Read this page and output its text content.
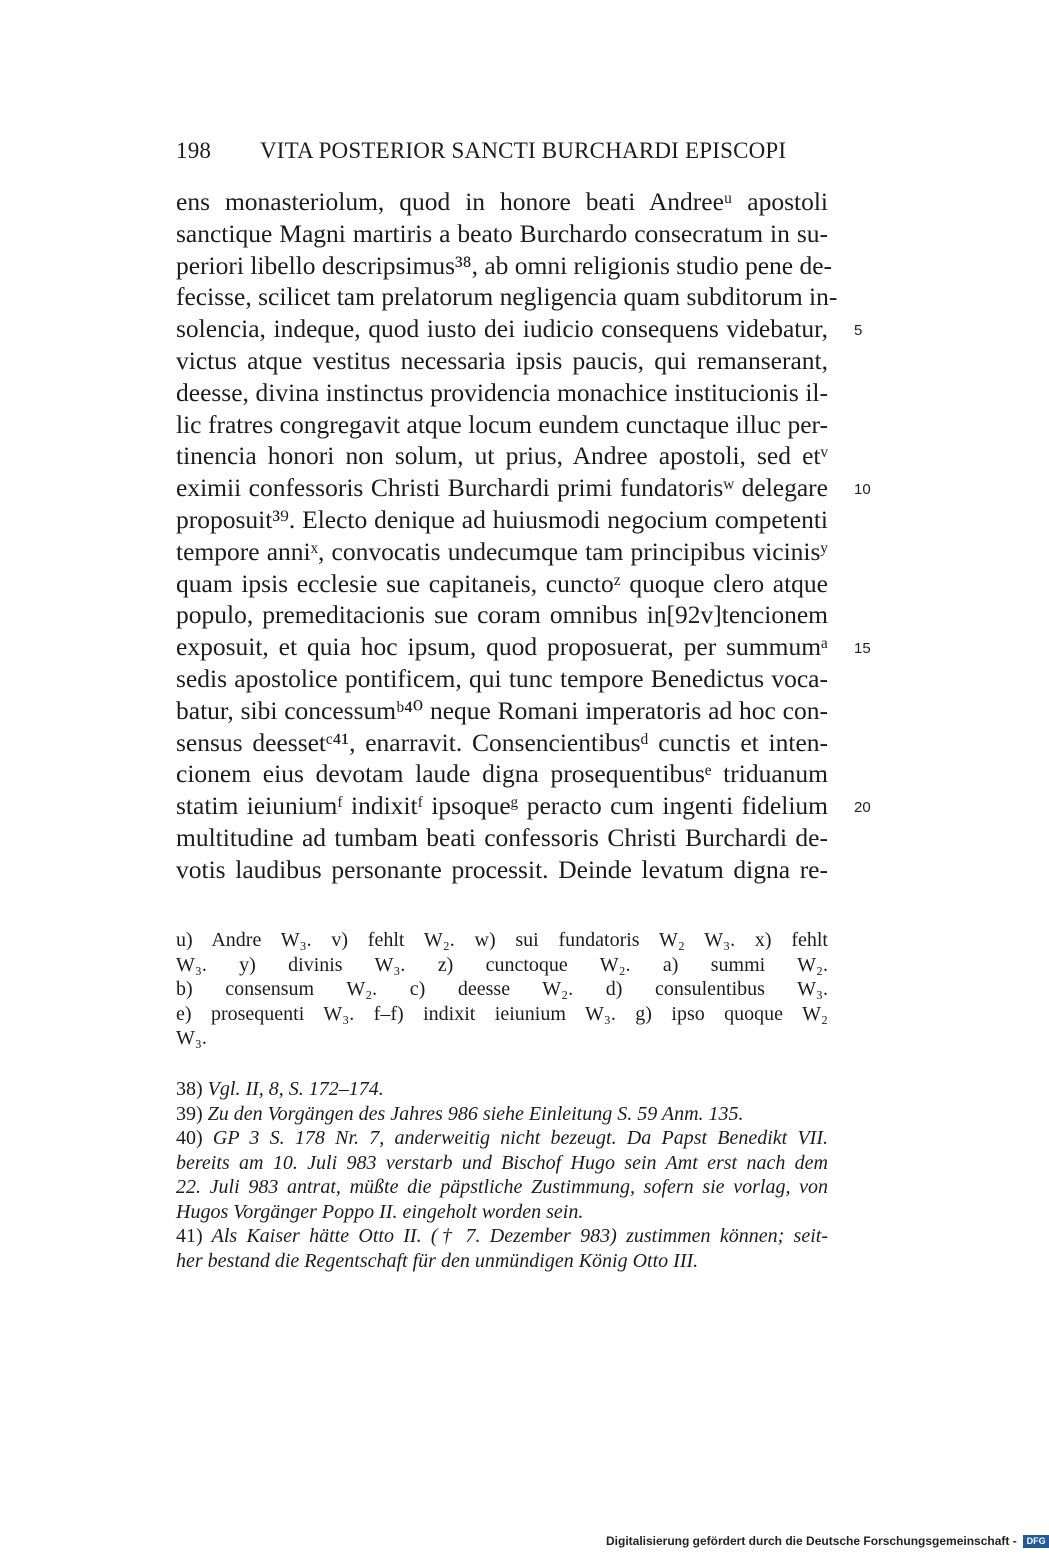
198 VITA POSTERIOR SANCTI BURCHARDI EPISCOPI
ens monasteriolum, quod in honore beati Andreeᵘ apostoli
sanctique Magni martiris a beato Burchardo consecratum in su-
periori libello descripsimus³⁸, ab omni religionis studio pene de-
fecisse, scilicet tam prelatorum negligencia quam subditorum in-
solencia, indeque, quod iusto dei iudicio consequens videbatur,
victus atque vestitus necessaria ipsis paucis, qui remanserant,
deesse, divina instinctus providencia monachice institucionis il-
lic fratres congregavit atque locum eundem cunctaque illuc per-
tinencia honori non solum, ut prius, Andree apostoli, sed etᵛ
eximii confessoris Christi Burchardi primi fundatorisʷ delegare
proposuit³⁹. Electo denique ad huiusmodi negocium competenti
tempore anniˣ, convocatis undecumque tam principibus vicinisʸ
quam ipsis ecclesie sue capitaneis, cunctoᶻ quoque clero atque
populo, premeditacionis sue coram omnibus in[92v]tencionem
exposuit, et quia hoc ipsum, quod proposuerat, per summumᵃ
sedis apostolice pontificem, qui tunc tempore Benedictus voca-
batur, sibi concessumᵇ⁴⁰ neque Romani imperatoris ad hoc con-
sensus deessetᶜ⁴¹, enarravit. Consencientibusᵈ cunctis et inten-
cionem eius devotam laude digna prosequentibusᵉ triduanum
statim ieiuniumᶠ indixitᶠ ipsoqueᵍ peracto cum ingenti fidelium
multitudine ad tumbam beati confessoris Christi Burchardi de-
votis laudibus personante processit. Deinde levatum digna re-
u) Andre W₃. v) fehlt W₂. w) sui fundatoris W₂ W₃. x) fehlt
W₃. y) divinis W₃. z) cunctoque W₂. a) summi W₂.
b) consensum W₂. c) deesse W₂. d) consulentibus W₃.
e) prosequenti W₃. f–f) indixit ieiunium W₃. g) ipso quoque W₂
W₃.
38) Vgl. II, 8, S. 172–174.
39) Zu den Vorgängen des Jahres 986 siehe Einleitung S. 59 Anm. 135.
40) GP 3 S. 178 Nr. 7, anderweitig nicht bezeugt. Da Papst Benedikt VII.
bereits am 10. Juli 983 verstarb und Bischof Hugo sein Amt erst nach dem
22. Juli 983 antrat, müßte die päpstliche Zustimmung, sofern sie vorlag, von
Hugos Vorgänger Poppo II. eingeholt worden sein.
41) Als Kaiser hätte Otto II. († 7. Dezember 983) zustimmen können; seit-
her bestand die Regentschaft für den unmündigen König Otto III.
Digitalisierung gefördert durch die Deutsche Forschungsgemeinschaft - DFG
5
10
15
20
